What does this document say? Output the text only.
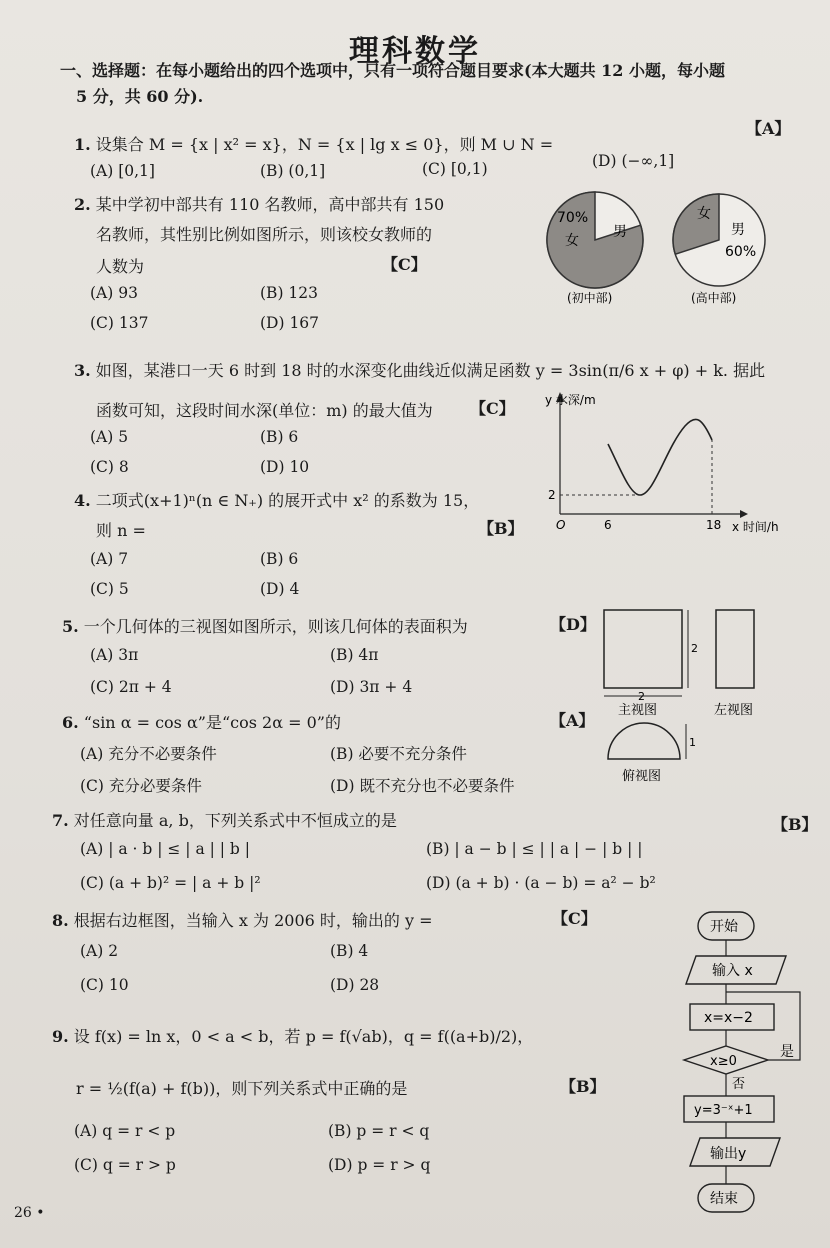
理科数学
一、选择题：在每小题给出的四个选项中，只有一项符合题目要求(本大题共 12 小题，每小题
5 分，共 60 分).
1. 设集合 M = {x | x² = x}，N = {x | lg x ≤ 0}，则 M ∪ N =
【A】
(A) [0,1]	(B) (0,1]	(C) [0,1)	(D) (−∞,1]
2. 某中学初中部共有 110 名教师，高中部共有 150
名教师，其性别比例如图所示，则该校女教师的
人数为	【C】
(A) 93	(B) 123
(C) 137	(D) 167
70%
女
男
(初中部)
女
男
60%
(高中部)
3. 如图，某港口一天 6 时到 18 时的水深变化曲线近似满足函数 y = 3sin(π/6 x + φ) + k. 据此
函数可知，这段时间水深(单位：m) 的最大值为 【C】
(A) 5	(B) 6
(C) 8	(D) 10
y 水深/m
x 时间/h
O
2
6	18
4. 二项式(x+1)ⁿ(n ∈ N₊) 的展开式中 x² 的系数为 15，
则 n =	【B】
(A) 7	(B) 6
(C) 5	(D) 4
5. 一个几何体的三视图如图所示，则该几何体的表面积为	【D】
(A) 3π	(B) 4π
(C) 2π + 4	(D) 3π + 4
2
2
主视图	左视图
1
俯视图
6. “sin α = cos α”是“cos 2α = 0”的	【A】
(A) 充分不必要条件	(B) 必要不充分条件
(C) 充分必要条件	(D) 既不充分也不必要条件
7. 对任意向量 a, b，下列关系式中不恒成立的是	【B】
(A) | a · b | ≤ | a | | b |	(B) | a − b | ≤ | | a | − | b | |
(C) (a + b)² = | a + b |²	(D) (a + b) · (a − b) = a² − b²
8. 根据右边框图，当输入 x 为 2006 时，输出的 y =	【C】
(A) 2	(B) 4
(C) 10	(D) 28
开始
输入 x
x=x−2
x≥0
是
否
y=3⁻ˣ+1
输出y
结束
9. 设 f(x) = ln x，0 < a < b，若 p = f(√ab)，q = f((a+b)/2)，
r = ½(f(a) + f(b))，则下列关系式中正确的是	【B】
(A) q = r < p	(B) p = r < q
(C) q = r > p	(D) p = r > q
26 •
